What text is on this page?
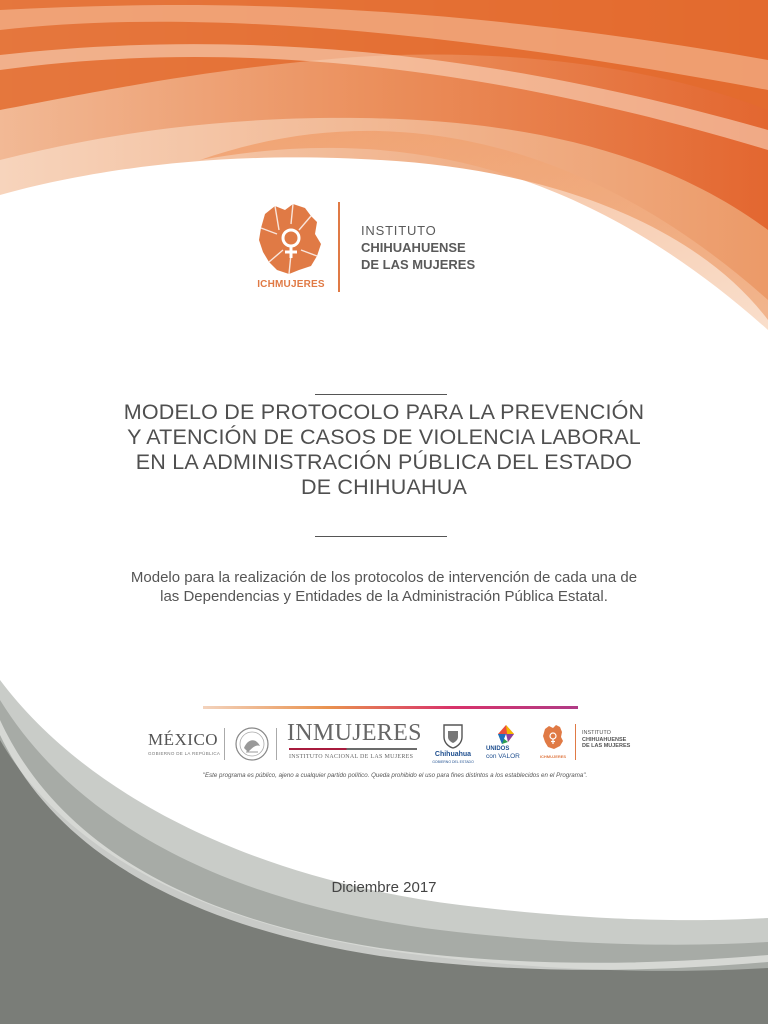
ICHMUJERES
INSTITUTO
CHIHUAHUENSE
DE LAS MUJERES
MODELO DE PROTOCOLO PARA LA PREVENCIÓN
Y ATENCIÓN DE CASOS DE VIOLENCIA LABORAL
EN LA ADMINISTRACIÓN PÚBLICA DEL ESTADO
DE CHIHUAHUA

Modelo para la realización de los protocolos de intervención de cada una de
las Dependencias y Entidades de la Administración Pública Estatal.

MÉXICO
GOBIERNO DE LA REPÚBLICA
INMUJERES
INSTITUTO NACIONAL DE LAS MUJERES	Chihuahua
GOBIERNO DEL ESTADO
UNIDOS
con VALOR	ICHMUJERES
INSTITUTO
CHIHUAHUENSE
DE LAS MUJERES
"Este programa es público, ajeno a cualquier partido político. Queda prohibido el uso para fines distintos a los establecidos en el Programa".
Diciembre 2017
